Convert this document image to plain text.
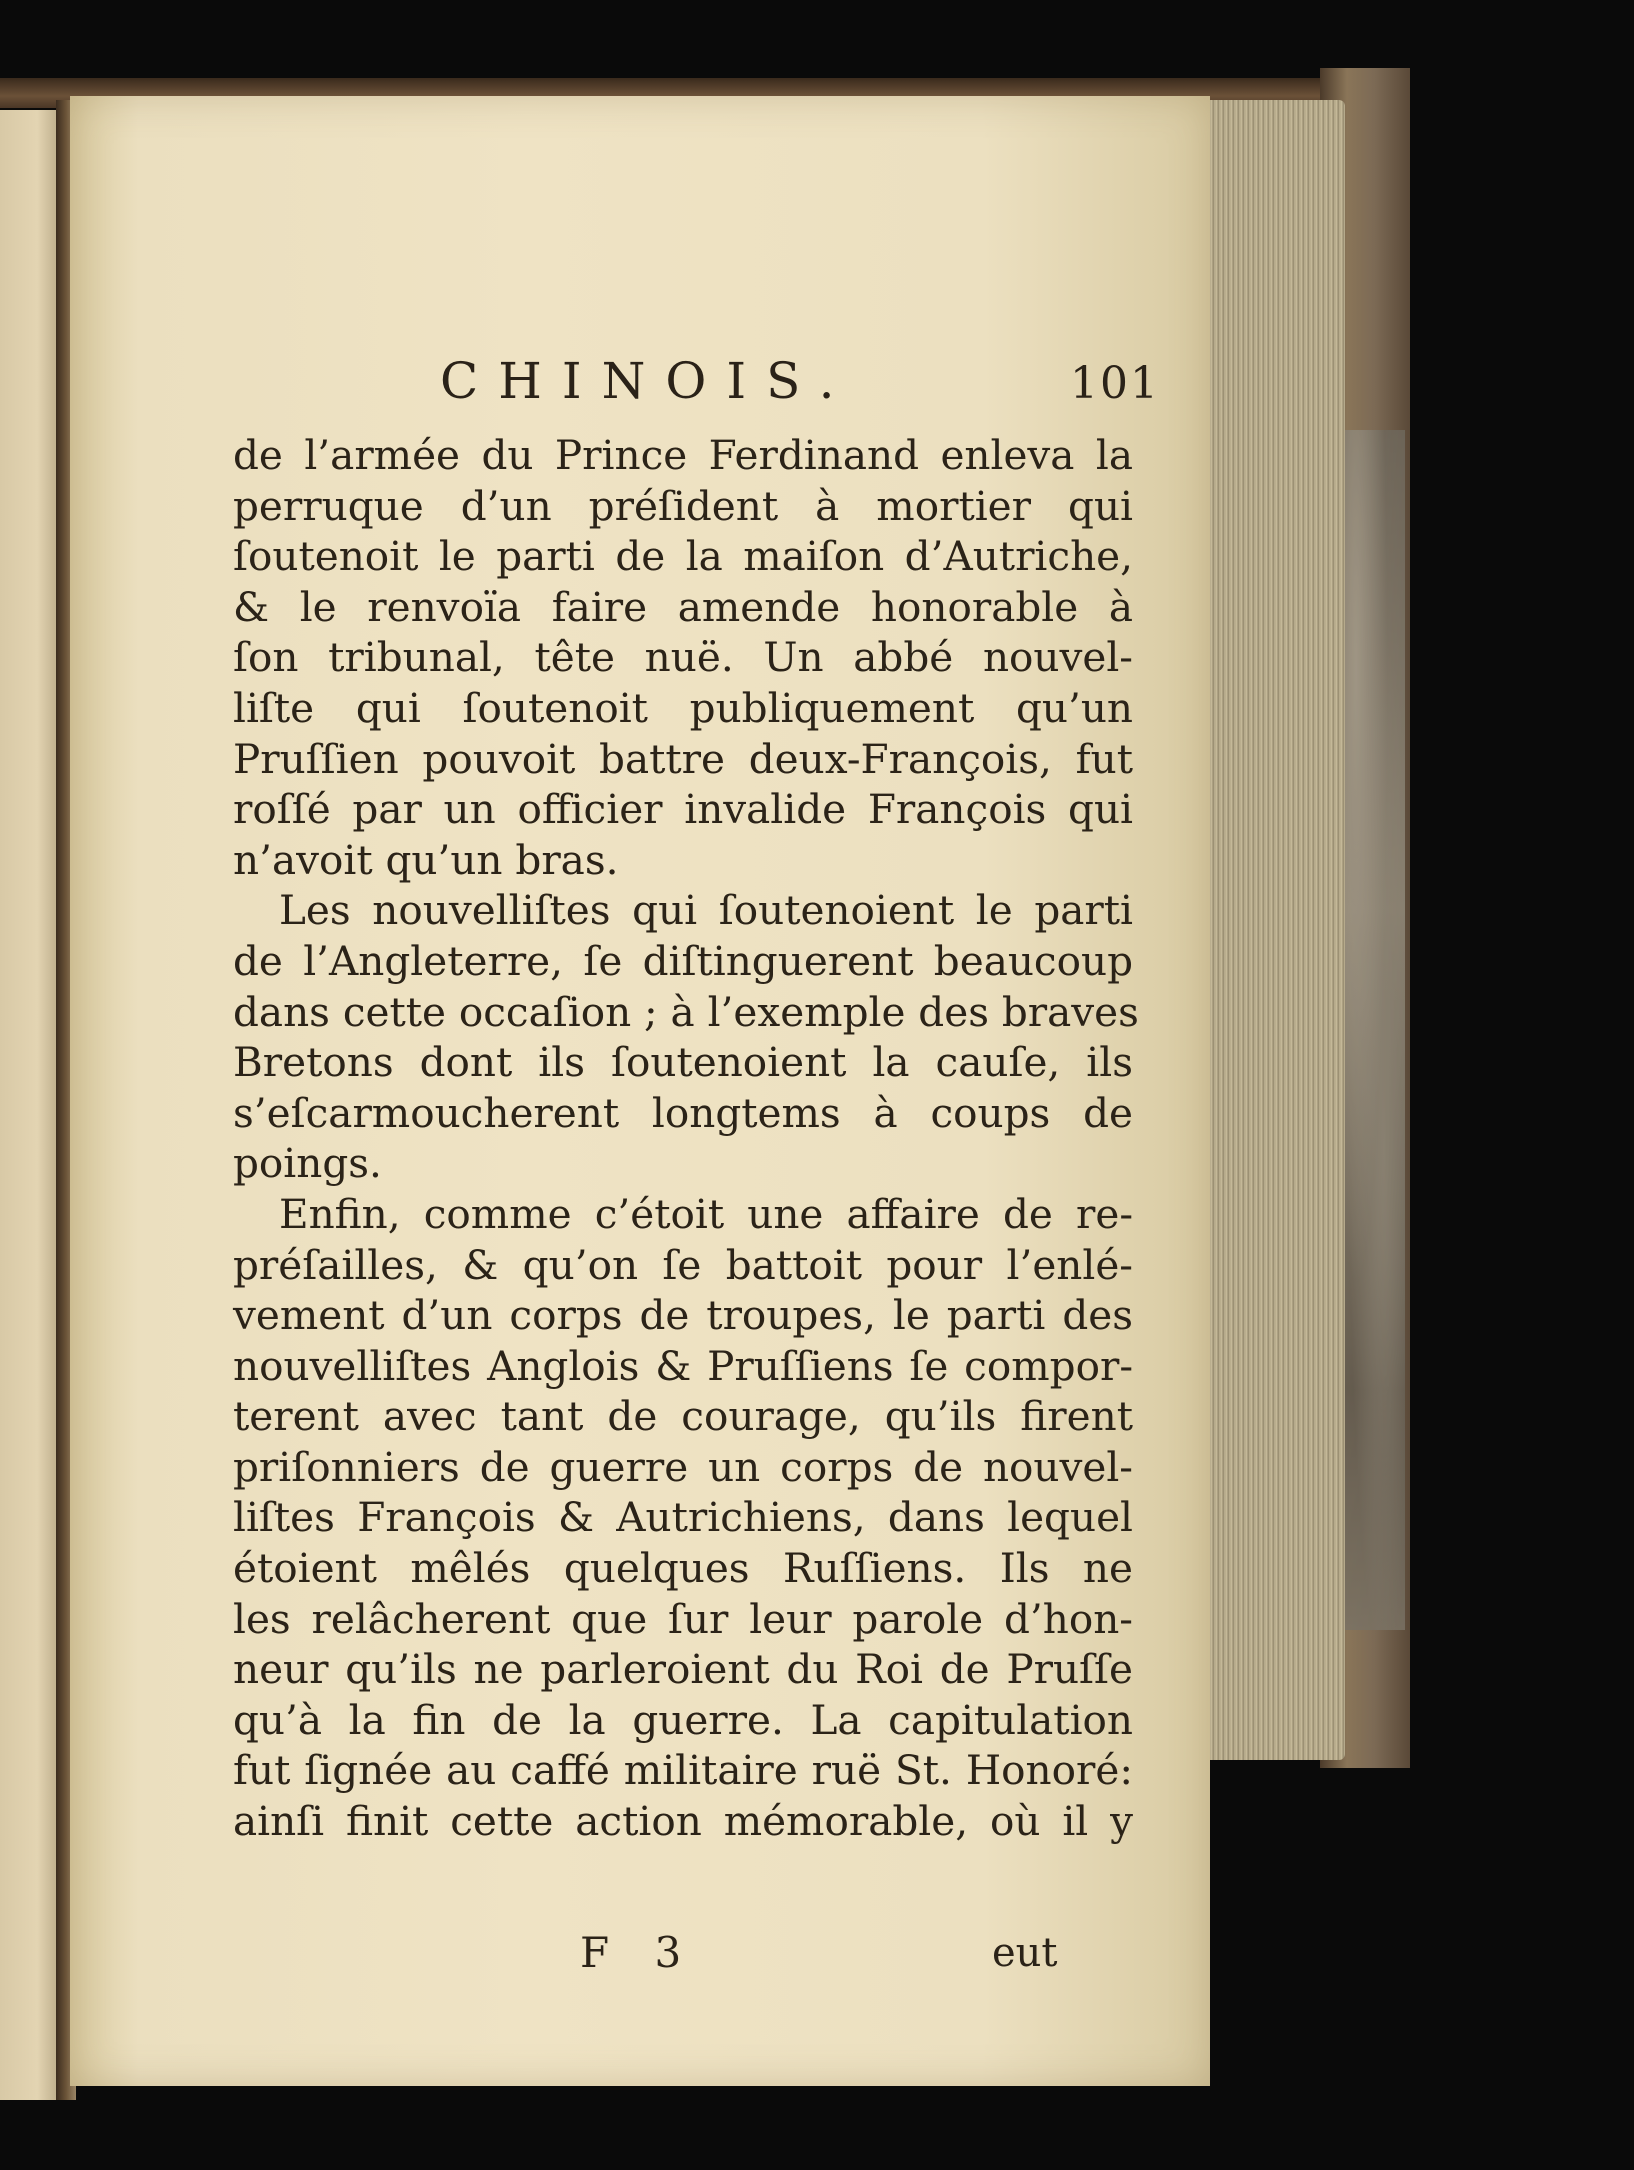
CHINOIS.	101
de l’armée du Prince Ferdinand enleva la
perruque d’un préſident à mortier qui
ſoutenoit le parti de la maiſon d’Autriche,
& le renvoïa faire amende honorable à
ſon tribunal, tête nuë. Un abbé nouvel-
liſte qui ſoutenoit publiquement qu’un
Pruſſien pouvoit battre deux-François, fut
roſſé par un officier invalide François qui
n’avoit qu’un bras.
Les nouvelliſtes qui ſoutenoient le parti
de l’Angleterre, ſe diſtinguerent beaucoup
dans cette occaſion ; à l’exemple des braves
Bretons dont ils ſoutenoient la cauſe, ils
s’eſcarmoucherent longtems à coups de
poings.
Enfin, comme c’étoit une affaire de re-
préſailles, & qu’on ſe battoit pour l’enlé-
vement d’un corps de troupes, le parti des
nouvelliſtes Anglois & Pruſſiens ſe compor-
terent avec tant de courage, qu’ils firent
priſonniers de guerre un corps de nouvel-
liſtes François & Autrichiens, dans lequel
étoient mêlés quelques Ruſſiens. Ils ne
les relâcherent que ſur leur parole d’hon-
neur qu’ils ne parleroient du Roi de Pruſſe
qu’à la fin de la guerre. La capitulation
fut ſignée au caffé militaire ruë St. Honoré:
ainſi finit cette action mémorable, où il y
F 3	eut
